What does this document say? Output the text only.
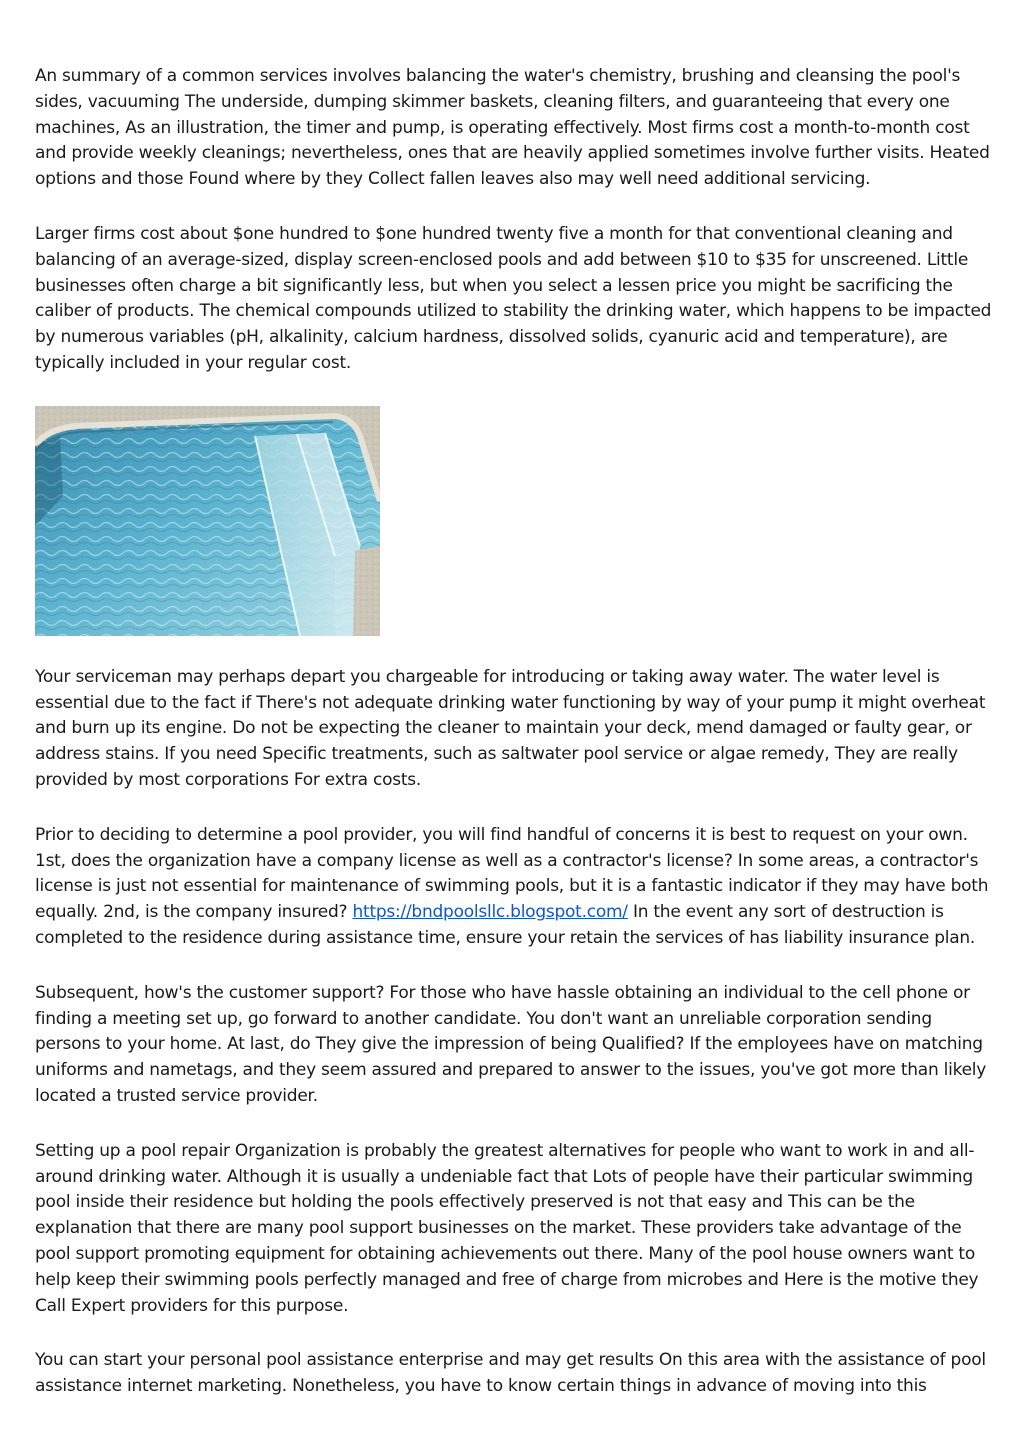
An summary of a common services involves balancing the water's chemistry, brushing and cleansing the pool's sides, vacuuming The underside, dumping skimmer baskets, cleaning filters, and guaranteeing that every one machines, As an illustration, the timer and pump, is operating effectively. Most firms cost a month-to-month cost and provide weekly cleanings; nevertheless, ones that are heavily applied sometimes involve further visits. Heated options and those Found where by they Collect fallen leaves also may well need additional servicing.

Larger firms cost about $one hundred to $one hundred twenty five a month for that conventional cleaning and balancing of an average-sized, display screen-enclosed pools and add between $10 to $35 for unscreened. Little businesses often charge a bit significantly less, but when you select a lessen price you might be sacrificing the caliber of products. The chemical compounds utilized to stability the drinking water, which happens to be impacted by numerous variables (pH, alkalinity, calcium hardness, dissolved solids, cyanuric acid and temperature), are typically included in your regular cost.

Your serviceman may perhaps depart you chargeable for introducing or taking away water. The water level is essential due to the fact if There's not adequate drinking water functioning by way of your pump it might overheat and burn up its engine. Do not be expecting the cleaner to maintain your deck, mend damaged or faulty gear, or address stains. If you need Specific treatments, such as saltwater pool service or algae remedy, They are really provided by most corporations For extra costs.

Prior to deciding to determine a pool provider, you will find handful of concerns it is best to request on your own. 1st, does the organization have a company license as well as a contractor's license? In some areas, a contractor's license is just not essential for maintenance of swimming pools, but it is a fantastic indicator if they may have both equally. 2nd, is the company insured? https://bndpoolsllc.blogspot.com/ In the event any sort of destruction is completed to the residence during assistance time, ensure your retain the services of has liability insurance plan.

Subsequent, how's the customer support? For those who have hassle obtaining an individual to the cell phone or finding a meeting set up, go forward to another candidate. You don't want an unreliable corporation sending persons to your home. At last, do They give the impression of being Qualified? If the employees have on matching uniforms and nametags, and they seem assured and prepared to answer to the issues, you've got more than likely located a trusted service provider.

Setting up a pool repair Organization is probably the greatest alternatives for people who want to work in and all-around drinking water. Although it is usually a undeniable fact that Lots of people have their particular swimming pool inside their residence but holding the pools effectively preserved is not that easy and This can be the explanation that there are many pool support businesses on the market. These providers take advantage of the pool support promoting equipment for obtaining achievements out there. Many of the pool house owners want to help keep their swimming pools perfectly managed and free of charge from microbes and Here is the motive they Call Expert providers for this purpose.

You can start your personal pool assistance enterprise and may get results On this area with the assistance of pool assistance internet marketing. Nonetheless, you have to know certain things in advance of moving into this
